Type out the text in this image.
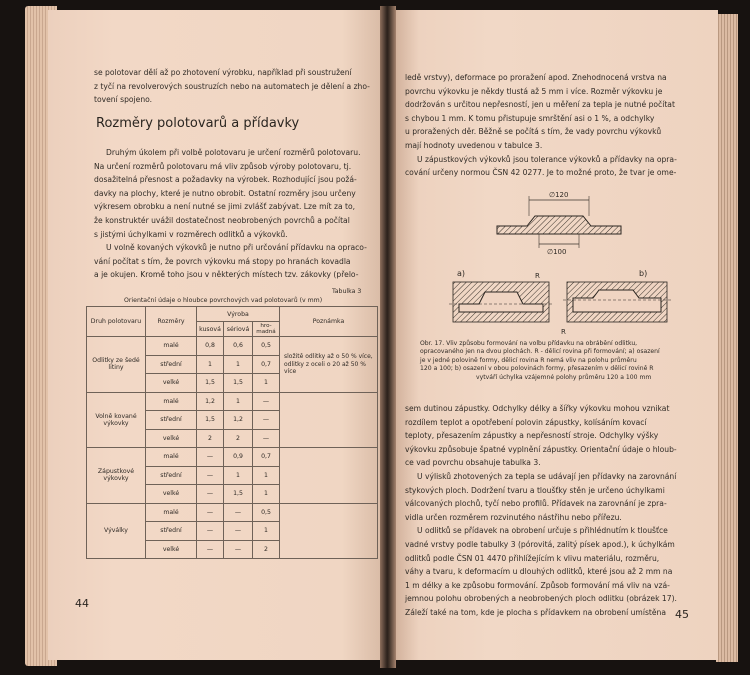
se polotovar dělí až po zhotovení výrobku, například při soustružení
z tyčí na revolverových soustruzích nebo na automatech je dělení a zho-
tovení spojeno.
Rozměry polotovarů a přídavky
Druhým úkolem při volbě polotovaru je určení rozměrů polotovaru.
Na určení rozměrů polotovaru má vliv způsob výroby polotovaru, tj.
dosažitelná přesnost a požadavky na výrobek. Rozhodující jsou požá-
davky na plochy, které je nutno obrobit. Ostatní rozměry jsou určeny
výkresem obrobku a není nutné se jimi zvlášť zabývat. Lze mít za to,
že konstruktér uvážil dostatečnost neobrobených povrchů a počítal
s jistými úchylkami v rozměrech odlitků a výkovků.
U volně kovaných výkovků je nutno při určování přídavku na opraco-
vání počítat s tím, že povrch výkovku má stopy po hranách kovadla
a je okujen. Kromě toho jsou v některých místech tzv. zákovky (přelo-
Tabulka 3
Orientační údaje o hloubce povrchových vad polotovarů (v mm)
Druh polotovaru	Rozměry	Výroba			Poznámka
		kusová	sériová	hro-madná	
Odlitky ze šedé litiny	malé	0,8	0,6	0,5	složitě odlitky až o 50 % více, odlitky z oceli o 20 až 50 % více
	střední	1	1	0,7	
	velké	1,5	1,5	1	
Volně kované výkovky	malé	1,2	1	—	
	střední	1,5	1,2	—	
	velké	2	2	—	
Zápustkové výkovky	malé	—	0,9	0,7	
	střední	—	1	1	
	velké	—	1,5	1	
Výválky	malé	—	—	0,5	
	střední	—	—	1	
	velké	—	—	2	
44
ledě vrstvy), deformace po proražení apod. Znehodnocená vrstva na
povrchu výkovku je někdy tlustá až 5 mm i více. Rozměr výkovku je
dodržován s určitou nepřesností, jen u měření za tepla je nutné počítat
s chybou 1 mm. K tomu přistupuje smrštění asi o 1 %, a odchylky
u proražených děr. Běžně se počítá s tím, že vady povrchu výkovků
mají hodnoty uvedenou v tabulce 3.
U zápustkových výkovků jsou tolerance výkovků a přídavky na opra-
cování určeny normou ČSN 42 0277. Je to možné proto, že tvar je ome-
∅120
∅100
a)	R	b)
R
Obr. 17. Vliv způsobu formování na volbu přídavku na obrábění odlitku,
opracovaného jen na dvou plochách. R - dělicí rovina při formování; a) osazení
je v jedné polovině formy, dělicí rovina R nemá vliv na polohu průměru
120 a 100; b) osazení v obou polovinách formy, přesazením v dělicí rovině R
vytváří úchylka vzájemné polohy průměru 120 a 100 mm
sem dutinou zápustky. Odchylky délky a šířky výkovku mohou vznikat
rozdílem teplot a opotřebení polovin zápustky, kolísáním kovací
teploty, přesazením zápustky a nepřesností stroje. Odchylky výšky
výkovku způsobuje špatné vyplnění zápustky. Orientační údaje o hloub-
ce vad povrchu obsahuje tabulka 3.
U výlisků zhotovených za tepla se udávají jen přídavky na zarovnání
stykových ploch. Dodržení tvaru a tloušťky stěn je určeno úchylkami
válcovaných plochů, tyčí nebo profilů. Přídavek na zarovnání je zpra-
vidla určen rozměrem rozvinutého nástřihu nebo přířezu.
U odlitků se přídavek na obrobení určuje s přihlédnutím k tloušťce
vadné vrstvy podle tabulky 3 (pórovitá, zalitý písek apod.), k úchylkám
odlitků podle ČSN 01 4470 přihlížejícím k vlivu materiálu, rozměru,
váhy a tvaru, k deformacím u dlouhých odlitků, které jsou až 2 mm na
1 m délky a ke způsobu formování. Způsob formování má vliv na vzá-
jemnou polohu obrobených a neobrobených ploch odlitku (obrázek 17).
Záleží také na tom, kde je plocha s přídavkem na obrobení umístěna 45
